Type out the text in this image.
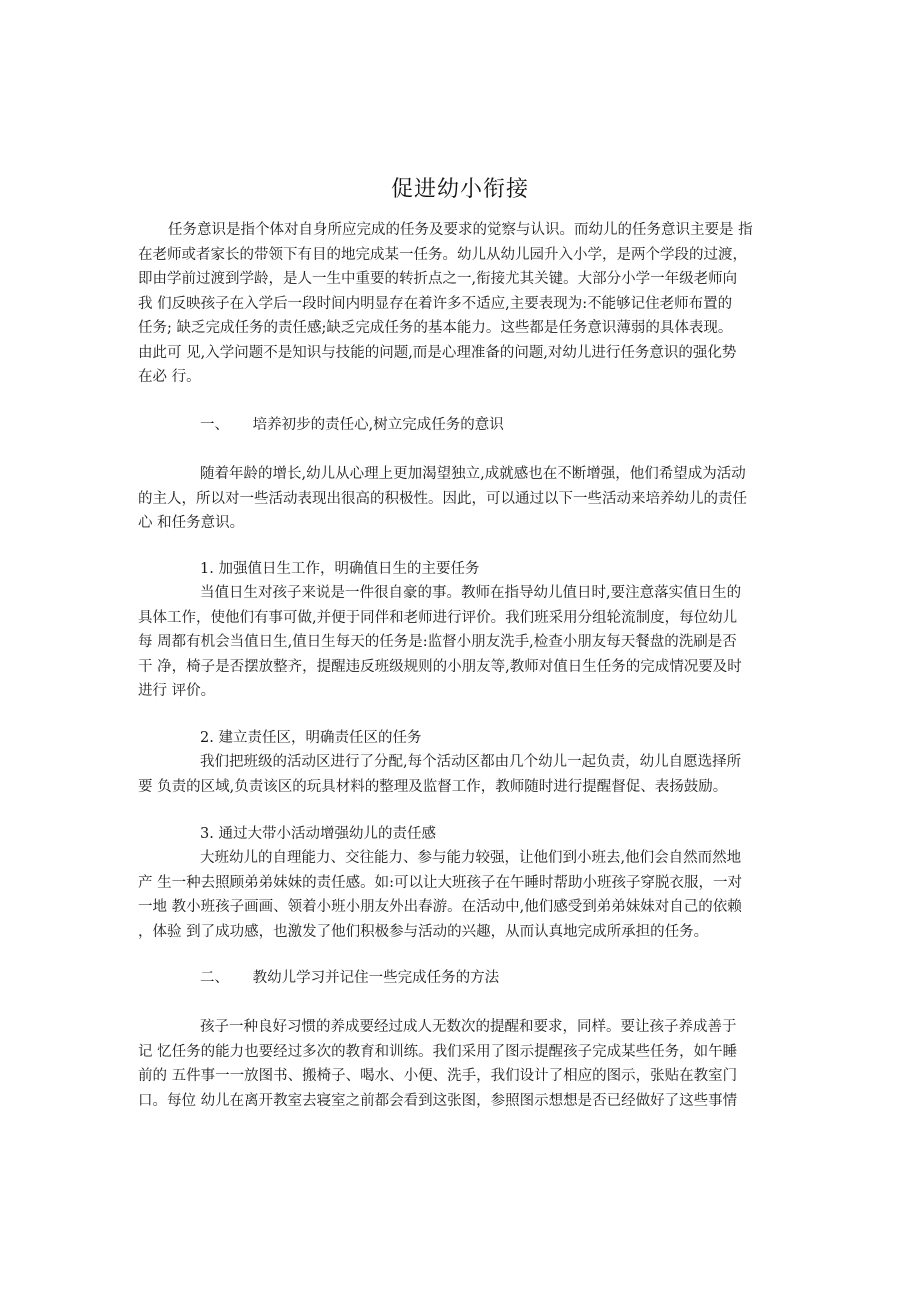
促进幼小衔接
任务意识是指个体对自身所应完成的任务及要求的觉察与认识。而幼儿的任务意识主要是 指
在老师或者家长的带领下有目的地完成某一任务。幼儿从幼儿园升入小学，是两个学段的过渡，
即由学前过渡到学龄，是人一生中重要的转折点之一,衔接尤其关键。大部分小学一年级老师向
我 们反映孩子在入学后一段时间内明显存在着许多不适应,主要表现为:不能够记住老师布置的
任务; 缺乏完成任务的责任感;缺乏完成任务的基本能力。这些都是任务意识薄弱的具体表现。
由此可 见,入学问题不是知识与技能的问题,而是心理准备的问题,对幼儿进行任务意识的强化势
在必 行。
一、 培养初步的责任心,树立完成任务的意识
随着年龄的增长,幼儿从心理上更加渴望独立,成就感也在不断增强，他们希望成为活动
的主人，所以对一些活动表现出很高的积极性。因此，可以通过以下一些活动来培养幼儿的责任
心 和任务意识。
1. 加强值日生工作，明确值日生的主要任务
当值日生对孩子来说是一件很自豪的事。教师在指导幼儿值日时,要注意落实值日生的
具体工作，使他们有事可做,并便于同伴和老师进行评价。我们班采用分组轮流制度，每位幼儿
每 周都有机会当值日生,值日生每天的任务是:监督小朋友洗手,检查小朋友每天餐盘的洗刷是否
干 净，椅子是否摆放整齐，提醒违反班级规则的小朋友等,教师对值日生任务的完成情况要及时
进行 评价。
2. 建立责任区，明确责任区的任务
我们把班级的活动区进行了分配,每个活动区都由几个幼儿一起负责，幼儿自愿选择所
要 负责的区域,负责该区的玩具材料的整理及监督工作，教师随时进行提醒督促、表扬鼓励。
3. 通过大带小活动增强幼儿的责任感
大班幼儿的自理能力、交往能力、参与能力较强，让他们到小班去,他们会自然而然地
产 生一种去照顾弟弟妹妹的责任感。如:可以让大班孩子在午睡时帮助小班孩子穿脱衣服，一对
一地 教小班孩子画画、领着小班小朋友外出春游。在活动中,他们感受到弟弟妹妹对自己的依赖
，体验 到了成功感，也激发了他们积极参与活动的兴趣，从而认真地完成所承担的任务。
二、 教幼儿学习并记住一些完成任务的方法
孩子一种良好习惯的养成要经过成人无数次的提醒和要求，同样。要让孩子养成善于
记 忆任务的能力也要经过多次的教育和训练。我们采用了图示提醒孩子完成某些任务，如午睡
前的 五件事一一放图书、搬椅子、喝水、小便、洗手，我们设计了相应的图示，张贴在教室门
口。每位 幼儿在离开教室去寝室之前都会看到这张图，参照图示想想是否已经做好了这些事情
